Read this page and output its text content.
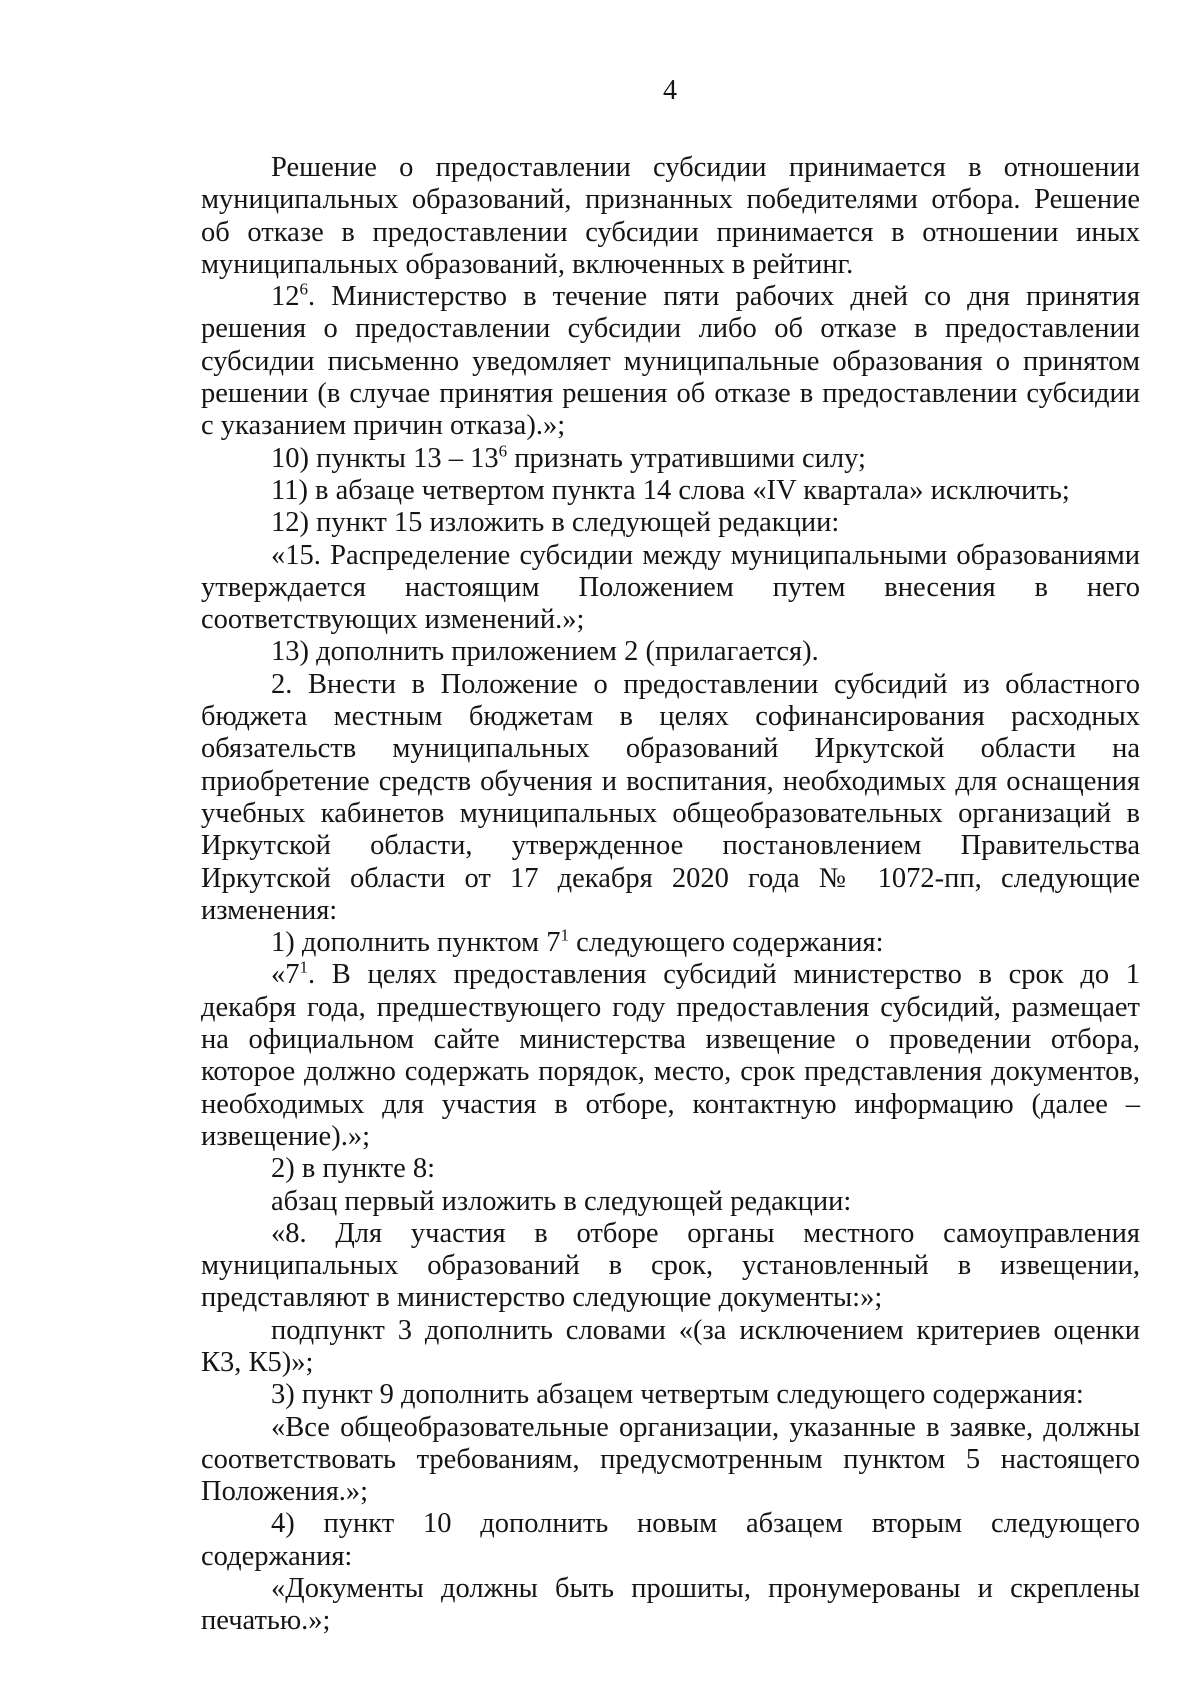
4

Решение о предоставлении субсидии принимается в отношении муниципальных образований, признанных победителями отбора. Решение об отказе в предоставлении субсидии принимается в отношении иных муниципальных образований, включенных в рейтинг.

$12^6$. Министерство в течение пяти рабочих дней со дня принятия решения о предоставлении субсидии либо об отказе в предоставлении субсидии письменно уведомляет муниципальные образования о принятом решении (в случае принятия решения об отказе в предоставлении субсидии с указанием причин отказа).»;

10) пункты $13 - 13^6$ признать утратившими силу;

11) в абзаце четвертом пункта 14 слова «IV квартала» исключить;

12) пункт 15 изложить в следующей редакции:

«15. Распределение субсидии между муниципальными образованиями утверждается настоящим Положением путем внесения в него соответствующих изменений.»;

13) дополнить приложением 2 (прилагается).

2. Внести в Положение о предоставлении субсидий из областного бюджета местным бюджетам в целях софинансирования расходных обязательств муниципальных образований Иркутской области на приобретение средств обучения и воспитания, необходимых для оснащения учебных кабинетов муниципальных общеобразовательных организаций в Иркутской области, утвержденное постановлением Правительства Иркутской области от 17 декабря 2020 года № 1072-пп, следующие изменения:

1) дополнить пунктом $7^1$ следующего содержания:

«$7^1$. В целях предоставления субсидий министерство в срок до 1 декабря года, предшествующего году предоставления субсидий, размещает на официальном сайте министерства извещение о проведении отбора, которое должно содержать порядок, место, срок представления документов, необходимых для участия в отборе, контактную информацию (далее – извещение).»;

2) в пункте 8:

абзац первый изложить в следующей редакции:

«8. Для участия в отборе органы местного самоуправления муниципальных образований в срок, установленный в извещении, представляют в министерство следующие документы:»;

подпункт 3 дополнить словами «(за исключением критериев оценки К3, К5)»;

3) пункт 9 дополнить абзацем четвертым следующего содержания:

«Все общеобразовательные организации, указанные в заявке, должны соответствовать требованиям, предусмотренным пунктом 5 настоящего Положения.»;

4) пункт 10 дополнить новым абзацем вторым следующего содержания:

«Документы должны быть прошиты, пронумерованы и скреплены печатью.»;
